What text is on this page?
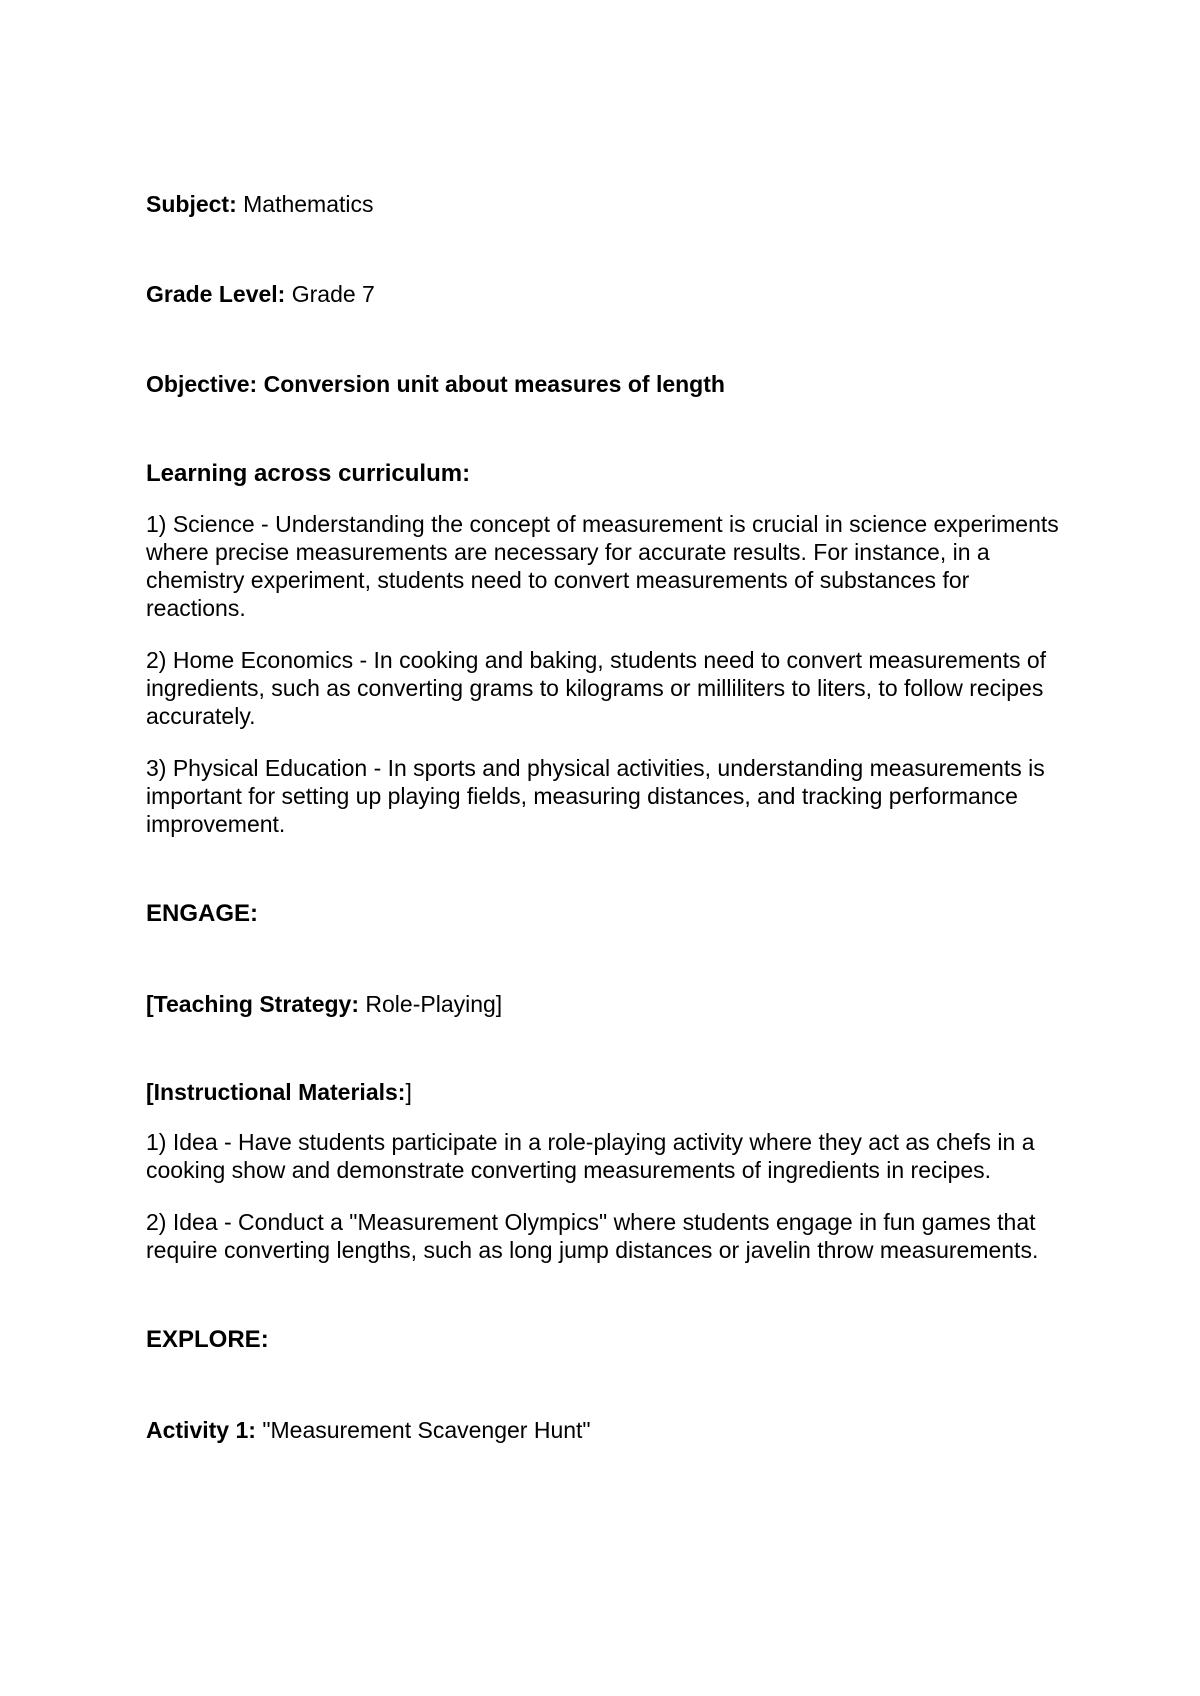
Subject: Mathematics

Grade Level: Grade 7

Objective: Conversion unit about measures of length

Learning across curriculum:

1) Science - Understanding the concept of measurement is crucial in science experiments where precise measurements are necessary for accurate results. For instance, in a chemistry experiment, students need to convert measurements of substances for reactions.

2) Home Economics - In cooking and baking, students need to convert measurements of ingredients, such as converting grams to kilograms or milliliters to liters, to follow recipes accurately.

3) Physical Education - In sports and physical activities, understanding measurements is important for setting up playing fields, measuring distances, and tracking performance improvement.

ENGAGE:

[Teaching Strategy: Role-Playing]

[Instructional Materials:]

1) Idea - Have students participate in a role-playing activity where they act as chefs in a cooking show and demonstrate converting measurements of ingredients in recipes.

2) Idea - Conduct a "Measurement Olympics" where students engage in fun games that require converting lengths, such as long jump distances or javelin throw measurements.

EXPLORE:

Activity 1: "Measurement Scavenger Hunt"
